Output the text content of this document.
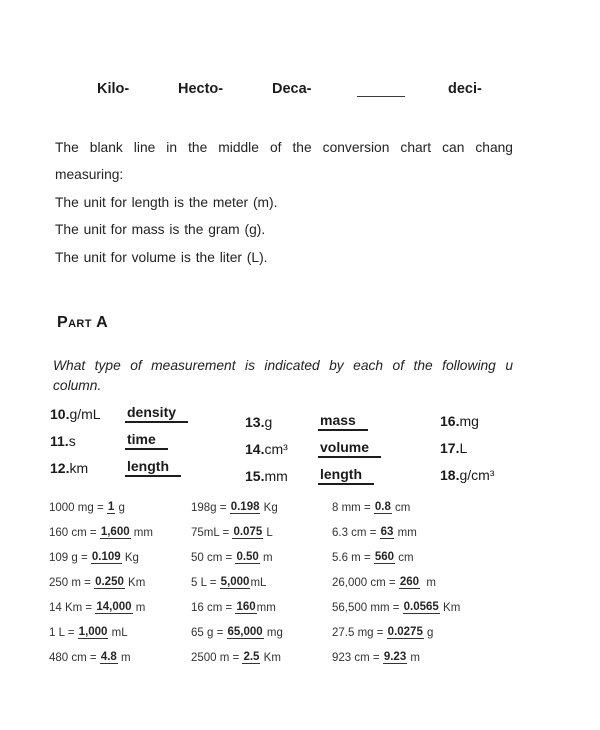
Kilo-	Hecto-	Deca-	deci-
The blank line in the middle of the conversion chart can chang
measuring:
The unit for length is the meter (m).
The unit for mass is the gram (g).
The unit for volume is the liter (L).
Part A
What type of measurement is indicated by each of the following u
column.
10.g/mL	density
11.s	time
12.km	length
13.g	mass
14.cm³	volume
15.mm	length
16.mg
17.L
18.g/cm³
1000 mg = 1 g
160 cm = 1,600 mm
109 g = 0.109 Kg
250 m = 0.250 Km
14 Km = 14,000 m
1 L = 1,000 mL
480 cm = 4.8 m
198g = 0.198 Kg
75mL = 0.075 L
50 cm = 0.50 m
5 L = 5,000 mL
16 cm = 160 mm
65 g = 65,000 mg
2500 m = 2.5 Km
8 mm = 0.8 cm
6.3 cm = 63 mm
5.6 m = 560 cm
26,000 cm = 260 m
56,500 mm = 0.0565 Km
27.5 mg = 0.0275 g
923 cm = 9.23 m
